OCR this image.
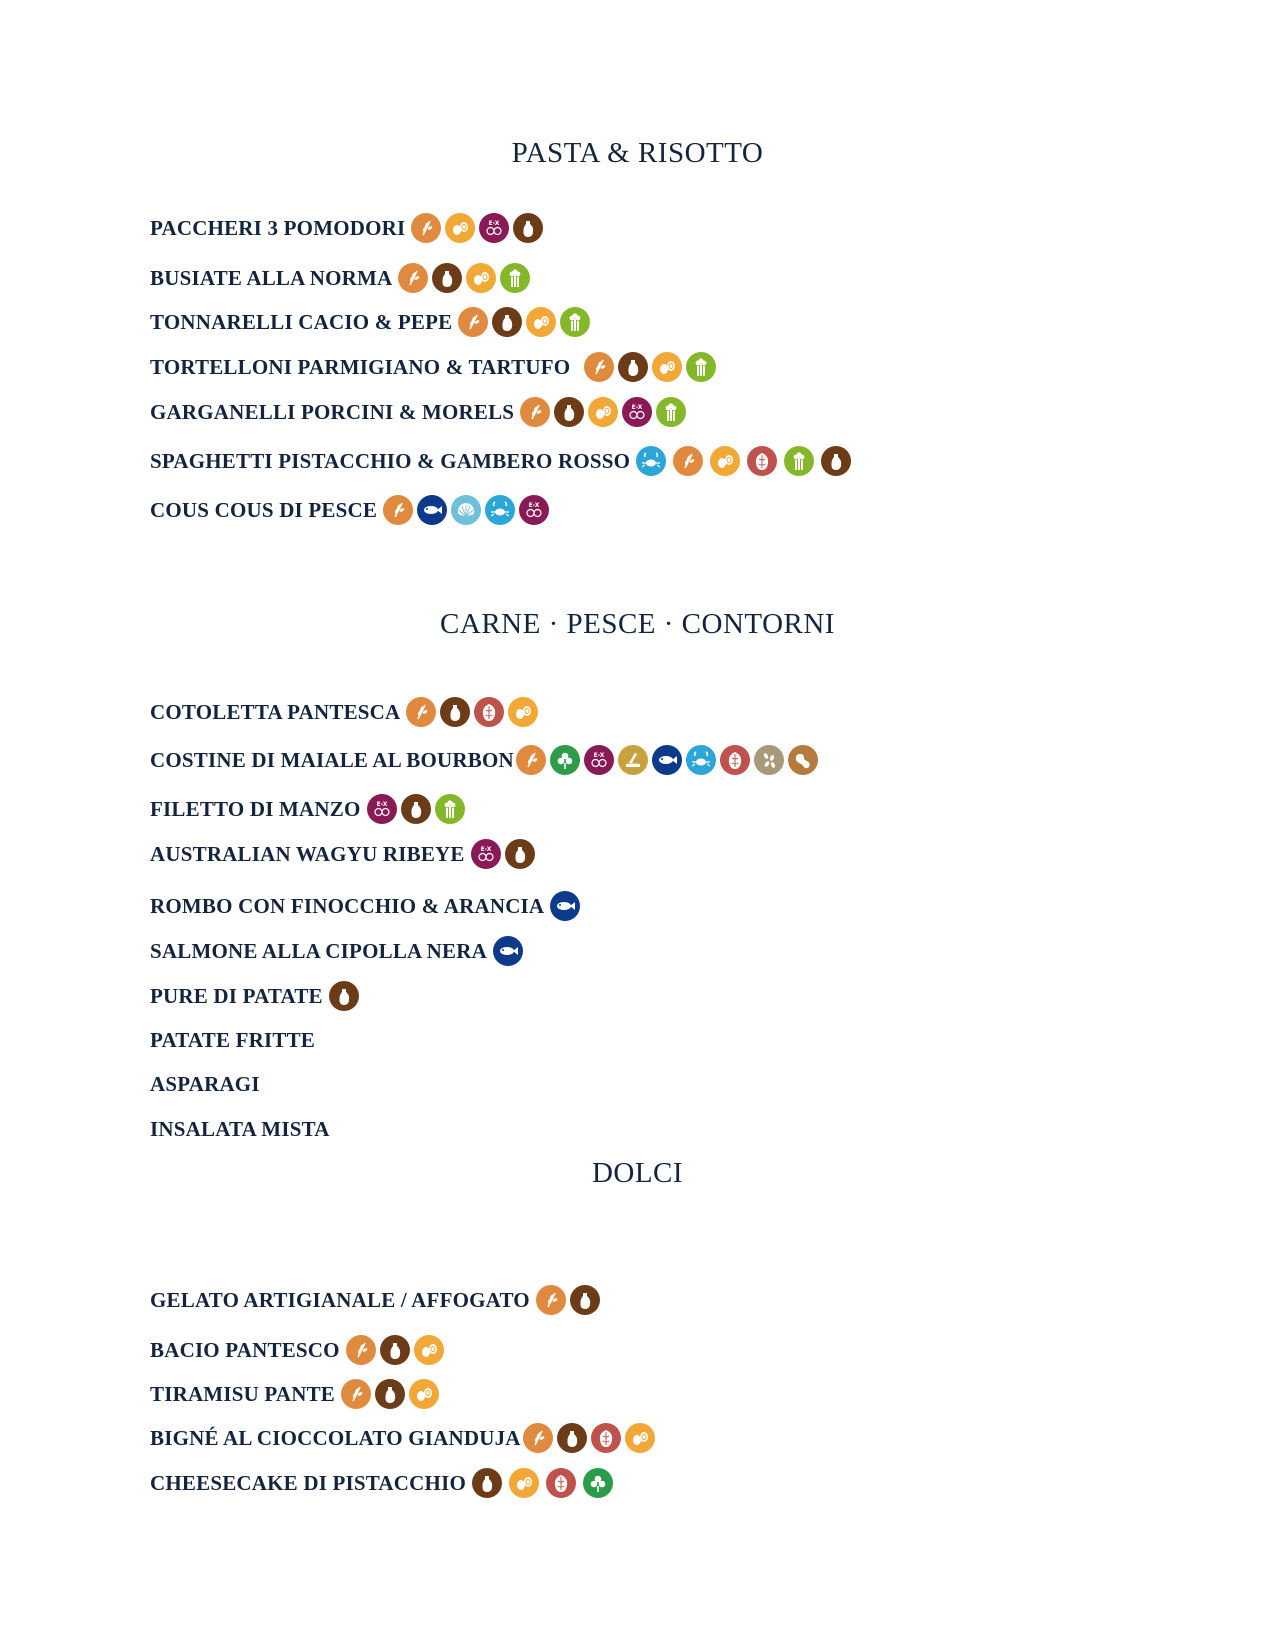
PASTA & RISOTTO
CARNE · PESCE · CONTORNI
DOLCI
PACCHERI 3 POMODORI	E-X
BUSIATE ALLA NORMA
TONNARELLI CACIO & PEPE
TORTELLONI PARMIGIANO & TARTUFO
GARGANELLI PORCINI & MORELS	E-X
SPAGHETTI PISTACCHIO & GAMBERO ROSSO
COUS COUS DI PESCE	E-X
COTOLETTA PANTESCA
COSTINE DI MAIALE AL BOURBON	E-X
FILETTO DI MANZO	E-X
AUSTRALIAN WAGYU RIBEYE	E-X
ROMBO CON FINOCCHIO & ARANCIA
SALMONE ALLA CIPOLLA NERA
PURE DI PATATE
PATATE FRITTE
ASPARAGI
INSALATA MISTA
GELATO ARTIGIANALE / AFFOGATO
BACIO PANTESCO
TIRAMISU PANTE
BIGNÉ AL CIOCCOLATO GIANDUJA
CHEESECAKE DI PISTACCHIO
